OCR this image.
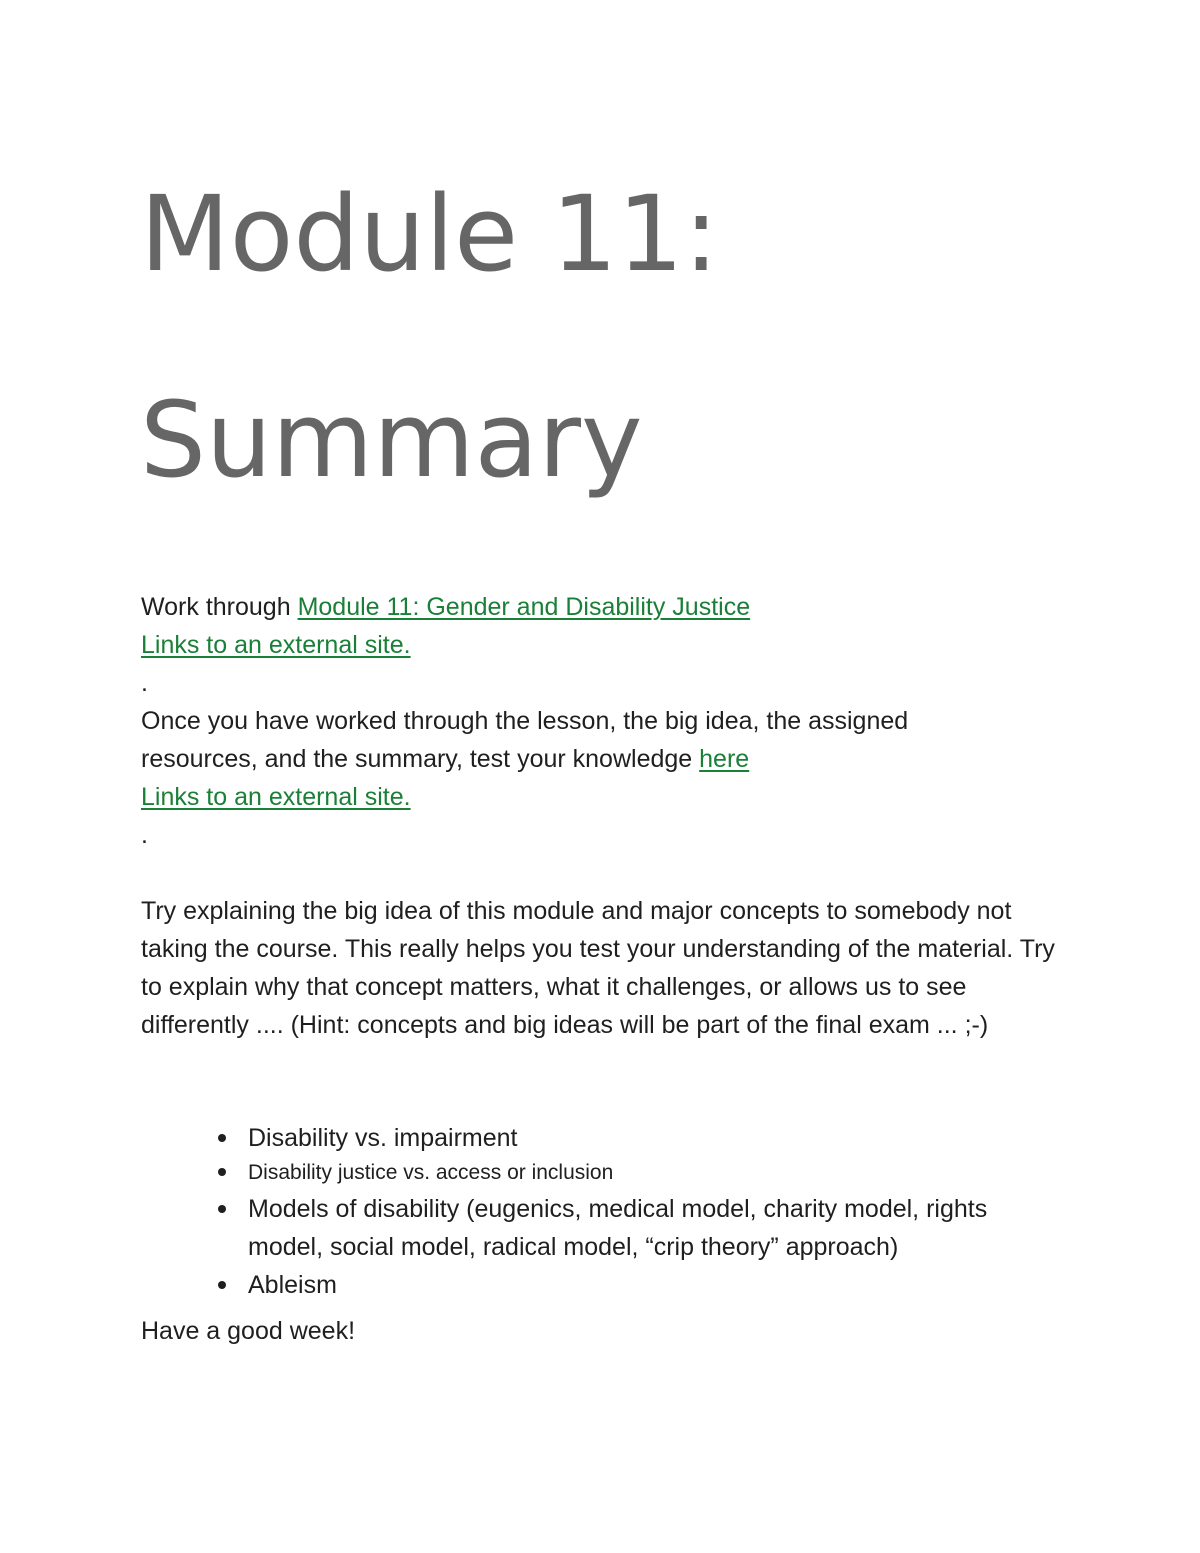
Module 11:
Summary
Work through Module 11: Gender and Disability Justice
Links to an external site.
.
Once you have worked through the lesson, the big idea, the assigned
resources, and the summary, test your knowledge here
Links to an external site.
.

Try explaining the big idea of this module and major concepts to somebody not taking the course. This really helps you test your understanding of the material. Try to explain why that concept matters, what it challenges, or allows us to see differently .... (Hint: concepts and big ideas will be part of the final exam ... ;-)

Disability vs. impairment
Disability justice vs. access or inclusion
Models of disability (eugenics, medical model, charity model, rights model, social model, radical model, “crip theory” approach)
Ableism

Have a good week!
